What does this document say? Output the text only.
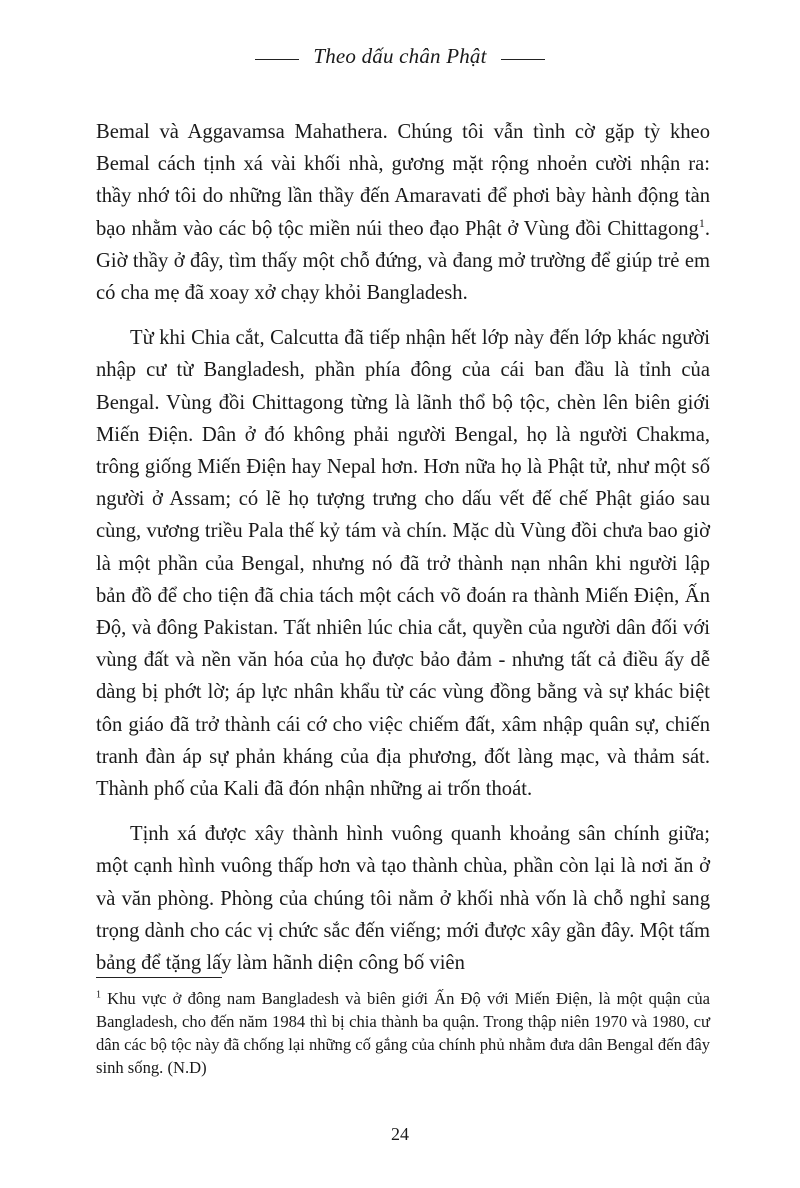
Theo dấu chân Phật

Bemal và Aggavamsa Mahathera. Chúng tôi vẫn tình cờ gặp tỳ kheo Bemal cách tịnh xá vài khối nhà, gương mặt rộng nhoẻn cười nhận ra: thầy nhớ tôi do những lần thầy đến Amaravati để phơi bày hành động tàn bạo nhằm vào các bộ tộc miền núi theo đạo Phật ở Vùng đồi Chittagong$^1$. Giờ thầy ở đây, tìm thấy một chỗ đứng, và đang mở trường để giúp trẻ em có cha mẹ đã xoay xở chạy khỏi Bangladesh.

Từ khi Chia cắt, Calcutta đã tiếp nhận hết lớp này đến lớp khác người nhập cư từ Bangladesh, phần phía đông của cái ban đầu là tỉnh của Bengal. Vùng đồi Chittagong từng là lãnh thổ bộ tộc, chèn lên biên giới Miến Điện. Dân ở đó không phải người Bengal, họ là người Chakma, trông giống Miến Điện hay Nepal hơn. Hơn nữa họ là Phật tử, như một số người ở Assam; có lẽ họ tượng trưng cho dấu vết đế chế Phật giáo sau cùng, vương triều Pala thế kỷ tám và chín. Mặc dù Vùng đồi chưa bao giờ là một phần của Bengal, nhưng nó đã trở thành nạn nhân khi người lập bản đồ để cho tiện đã chia tách một cách võ đoán ra thành Miến Điện, Ấn Độ, và đông Pakistan. Tất nhiên lúc chia cắt, quyền của người dân đối với vùng đất và nền văn hóa của họ được bảo đảm - nhưng tất cả điều ấy dễ dàng bị phớt lờ; áp lực nhân khẩu từ các vùng đồng bằng và sự khác biệt tôn giáo đã trở thành cái cớ cho việc chiếm đất, xâm nhập quân sự, chiến tranh đàn áp sự phản kháng của địa phương, đốt làng mạc, và thảm sát. Thành phố của Kali đã đón nhận những ai trốn thoát.

Tịnh xá được xây thành hình vuông quanh khoảng sân chính giữa; một cạnh hình vuông thấp hơn và tạo thành chùa, phần còn lại là nơi ăn ở và văn phòng. Phòng của chúng tôi nằm ở khối nhà vốn là chỗ nghỉ sang trọng dành cho các vị chức sắc đến viếng; mới được xây gần đây. Một tấm bảng để tặng lấy làm hãnh diện công bố viên

$^1$ Khu vực ở đông nam Bangladesh và biên giới Ấn Độ với Miến Điện, là một quận của Bangladesh, cho đến năm 1984 thì bị chia thành ba quận. Trong thập niên 1970 và 1980, cư dân các bộ tộc này đã chống lại những cố gắng của chính phủ nhằm đưa dân Bengal đến đây sinh sống. (N.D)
24
